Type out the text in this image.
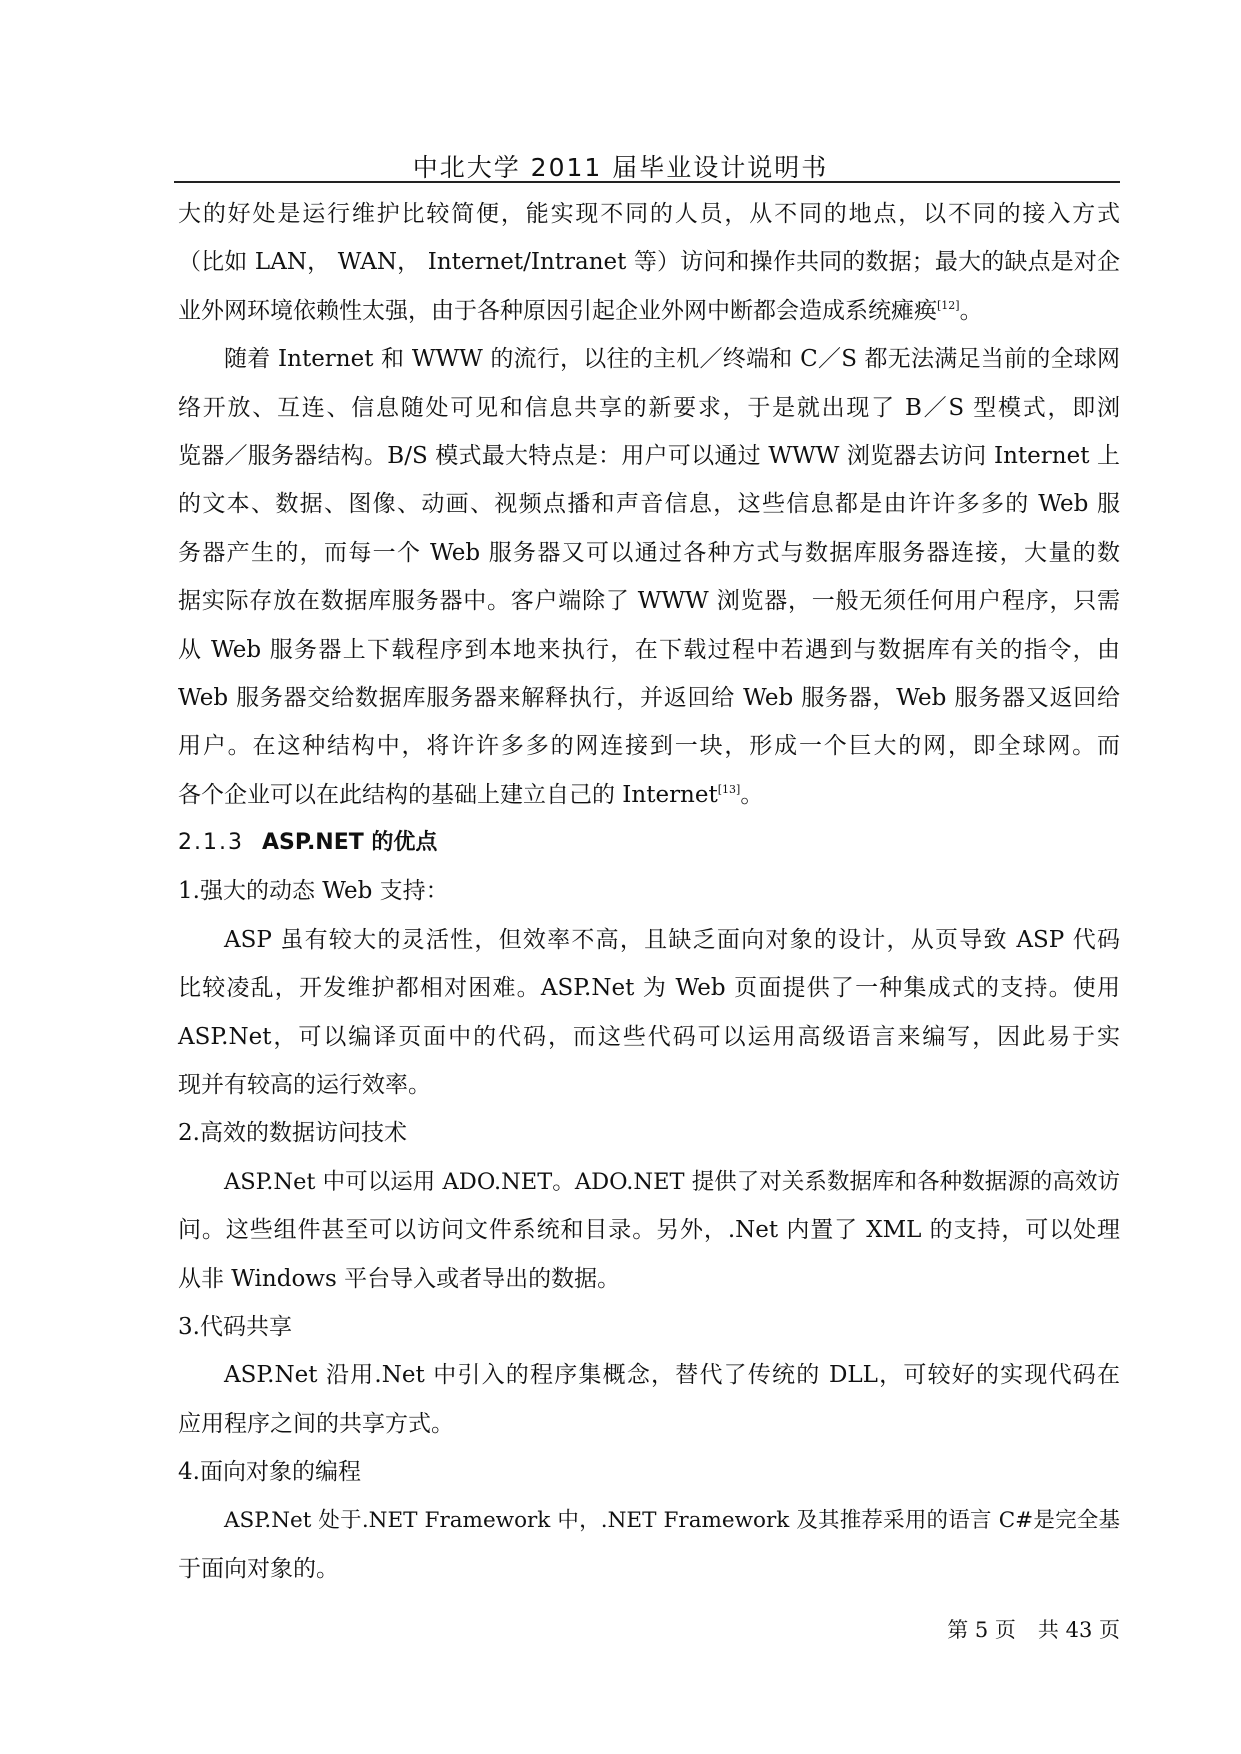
中北大学 2011 届毕业设计说明书
大的好处是运行维护比较简便，能实现不同的人员，从不同的地点，以不同的接入方式
（比如 LAN， WAN， Internet/Intranet 等）访问和操作共同的数据；最大的缺点是对企
业外网环境依赖性太强，由于各种原因引起企业外网中断都会造成系统瘫痪[12]。
随着 Internet 和 WWW 的流行，以往的主机／终端和 C／S 都无法满足当前的全球网
络开放、互连、信息随处可见和信息共享的新要求，于是就出现了 B／S 型模式，即浏
览器／服务器结构。B/S 模式最大特点是：用户可以通过 WWW 浏览器去访问 Internet 上
的文本、数据、图像、动画、视频点播和声音信息，这些信息都是由许许多多的 Web 服
务器产生的，而每一个 Web 服务器又可以通过各种方式与数据库服务器连接，大量的数
据实际存放在数据库服务器中。客户端除了 WWW 浏览器，一般无须任何用户程序，只需
从 Web 服务器上下载程序到本地来执行，在下载过程中若遇到与数据库有关的指令，由
Web 服务器交给数据库服务器来解释执行，并返回给 Web 服务器，Web 服务器又返回给
用户。在这种结构中，将许许多多的网连接到一块，形成一个巨大的网，即全球网。而
各个企业可以在此结构的基础上建立自己的 Internet[13]。
2.1.3 ASP.NET 的优点
1.强大的动态 Web 支持：
ASP 虽有较大的灵活性，但效率不高，且缺乏面向对象的设计，从页导致 ASP 代码
比较凌乱，开发维护都相对困难。ASP.Net 为 Web 页面提供了一种集成式的支持。使用
ASP.Net，可以编译页面中的代码，而这些代码可以运用高级语言来编写，因此易于实
现并有较高的运行效率。
2.高效的数据访问技术
ASP.Net 中可以运用 ADO.NET。ADO.NET 提供了对关系数据库和各种数据源的高效访
问。这些组件甚至可以访问文件系统和目录。另外，.Net 内置了 XML 的支持，可以处理
从非 Windows 平台导入或者导出的数据。
3.代码共享
ASP.Net 沿用.Net 中引入的程序集概念，替代了传统的 DLL，可较好的实现代码在
应用程序之间的共享方式。
4.面向对象的编程
ASP.Net 处于.NET Framework 中，.NET Framework 及其推荐采用的语言 C#是完全基
于面向对象的。
第 5 页 共 43 页
